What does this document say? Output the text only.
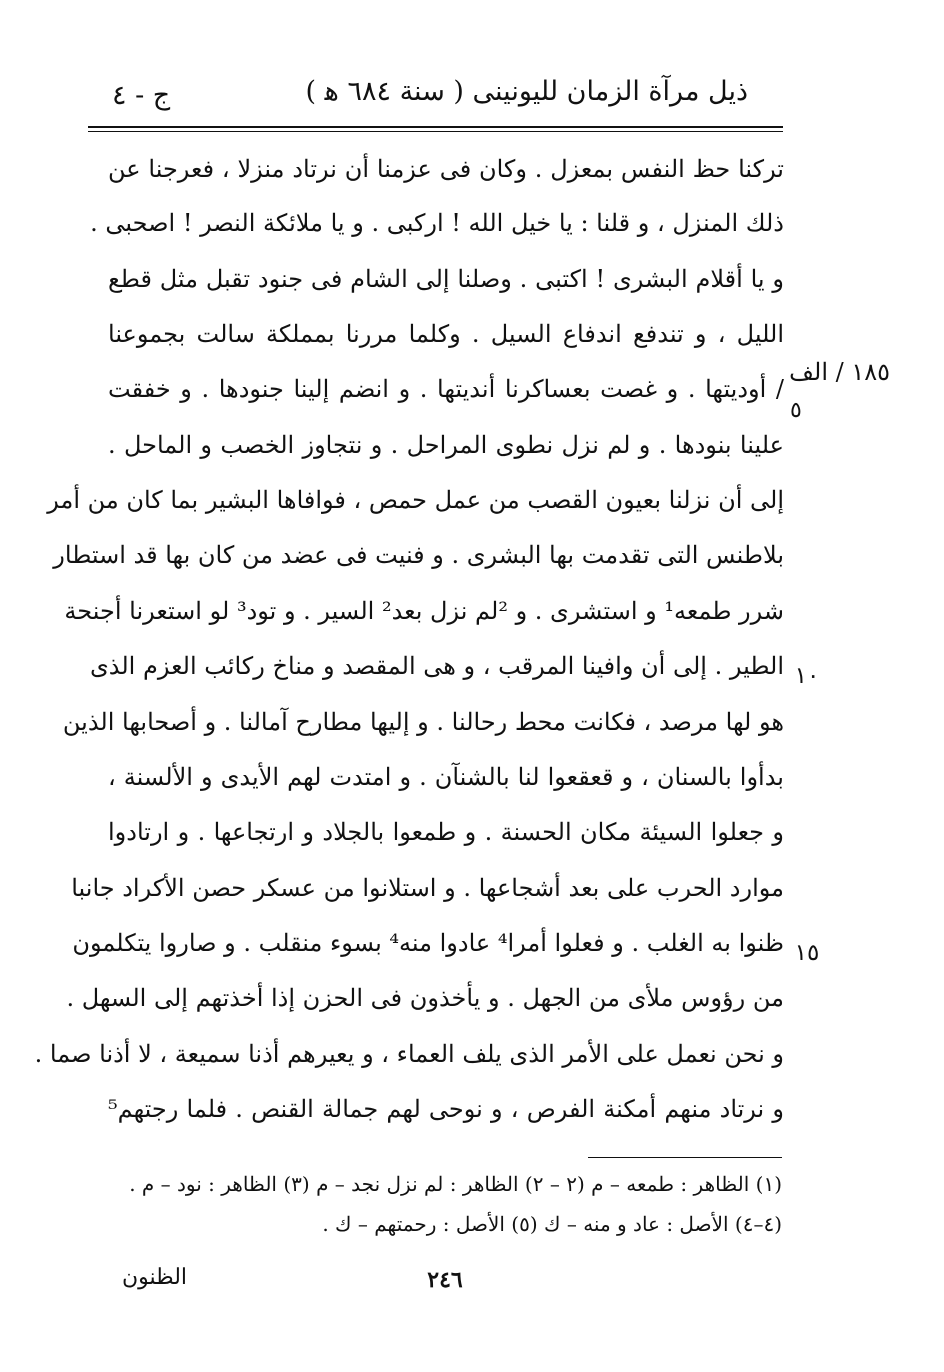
ذيل مرآة الزمان لليونينى ( سنة ٦٨٤ ﻫ )
ج - ٤
تركنا حظ النفس بمعزل . وكان فى عزمنا أن نرتاد منزلا ، فعرجنا عن
ذلك المنزل ، و قلنا : يا خيل الله ! اركبى . و يا ملائكة النصر ! اصحبى .
و يا أقلام البشرى ! اكتبى . وصلنا إلى الشام فى جنود تقبل مثل قطع
الليل ، و تندفع اندفاع السيل . وكلما مررنا بمملكة سالت بجموعنا
/ أوديتها . و غصت بعساكرنا أنديتها . و انضم إلينا جنودها . و خفقت
علينا بنودها . و لم نزل نطوى المراحل . و نتجاوز الخصب و الماحل .
إلى أن نزلنا بعيون القصب من عمل حمص ، فوافاها البشير بما كان من أمر
بلاطنس التى تقدمت بها البشرى . و فنيت فى عضد من كان بها قد استطار
شرر طمعه¹ و استشرى . و ²لم نزل بعد² السير . و تود³ لو استعرنا أجنحة
الطير . إلى أن وافينا المرقب ، و هى المقصد و مناخ ركائب العزم الذى
هو لها مرصد ، فكانت محط رحالنا . و إليها مطارح آمالنا . و أصحابها الذين
بدأوا بالسنان ، و قعقعوا لنا بالشنآن . و امتدت لهم الأيدى و الألسنة ،
و جعلوا السيئة مكان الحسنة . و طمعوا بالجلاد و ارتجاعها . و ارتادوا
موارد الحرب على بعد أشجاعها . و استلانوا من عسكر حصن الأكراد جانبا
ظنوا به الغلب . و فعلوا أمرا⁴ عادوا منه⁴ بسوء منقلب . و صاروا يتكلمون
من رؤوس ملأى من الجهل . و يأخذون فى الحزن إذا أخذتهم إلى السهل .
و نحن نعمل على الأمر الذى يلف العماء ، و يعيرهم أذنا سميعة ، لا أذنا صما .
و نرتاد منهم أمكنة الفرص ، و نوحى لهم جمالة القنص . فلما رجتهم⁵
١٨٥ / الف
٥
١٠
١٥
(١) الظاهر : طمعه – م (٢ – ٢) الظاهر : لم نزل نجد – م (٣) الظاهر : نود – م .
(٤–٤) الأصل : عاد و منه – ك (٥) الأصل : رحمتهم – ك .
٢٤٦
الظنون
